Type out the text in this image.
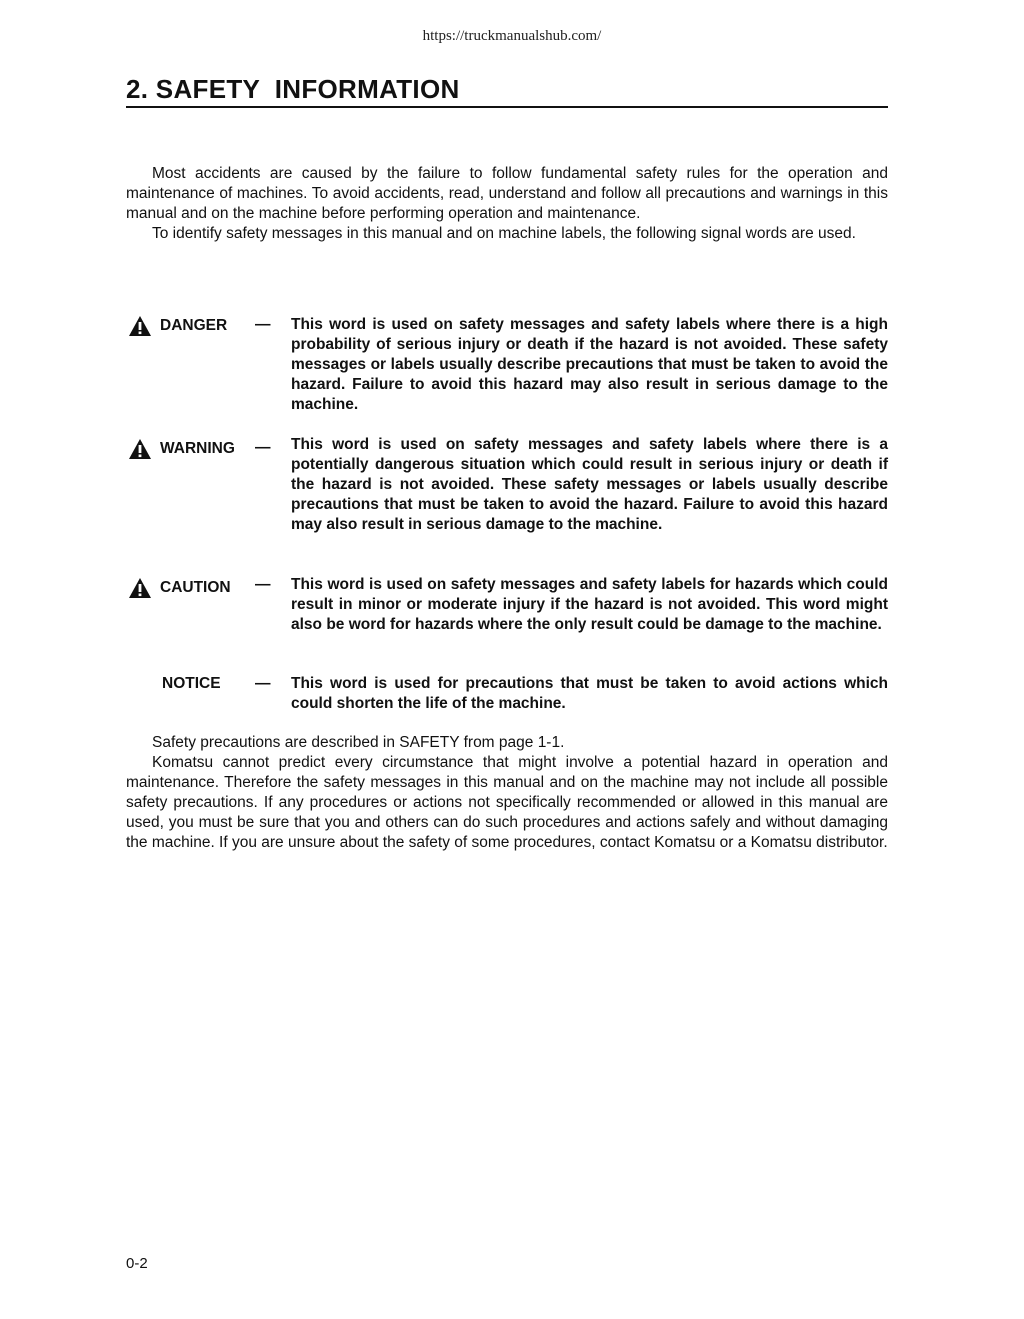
https://truckmanualshub.com/
2. SAFETY  INFORMATION

Most accidents are caused by the failure to follow fundamental safety rules for the operation and maintenance of machines. To avoid accidents, read, understand and follow all precautions and warnings in this manual and on the machine before performing operation and maintenance.

To identify safety messages in this manual and on machine labels, the following signal words are used.

DANGER — This word is used on safety messages and safety labels where there is a high probability of serious injury or death if the hazard is not avoided. These safety messages or labels usually describe precautions that must be taken to avoid the hazard. Failure to avoid this hazard may also result in serious damage to the machine.

WARNING — This word is used on safety messages and safety labels where there is a potentially dangerous situation which could result in serious injury or death if the hazard is not avoided. These safety messages or labels usually describe precautions that must be taken to avoid the hazard. Failure to avoid this hazard may also result in serious damage to the machine.

CAUTION — This word is used on safety messages and safety labels for hazards which could result in minor or moderate injury if the hazard is not avoided. This word might also be word for hazards where the only result could be damage to the machine.

NOTICE — This word is used for precautions that must be taken to avoid actions which could shorten the life of the machine.

Safety precautions are described in SAFETY from page 1-1.

Komatsu cannot predict every circumstance that might involve a potential hazard in operation and maintenance. Therefore the safety messages in this manual and on the machine may not include all possible safety precautions. If any procedures or actions not specifically recommended or allowed in this manual are used, you must be sure that you and others can do such procedures and actions safely and without damaging the machine. If you are unsure about the safety of some procedures, contact Komatsu or a Komatsu distributor.

0-2
